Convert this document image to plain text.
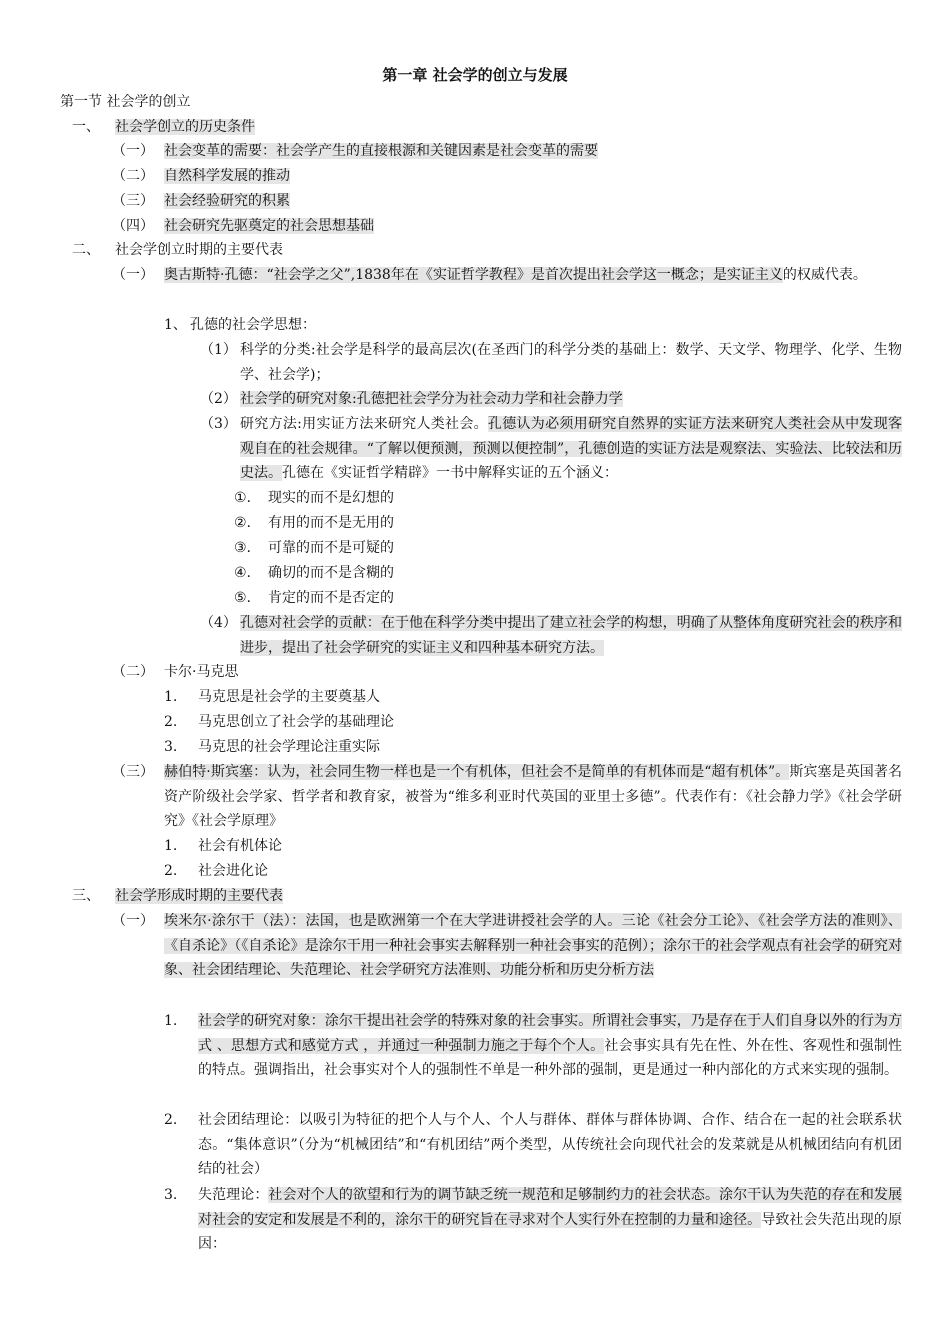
第一章 社会学的创立与发展
第一节 社会学的创立
一、	社会学创立的历史条件
（一） 社会变革的需要：社会学产生的直接根源和关键因素是社会变革的需要
（二） 自然科学发展的推动
（三） 社会经验研究的积累
（四） 社会研究先驱奠定的社会思想基础
二、	社会学创立时期的主要代表
（一） 奥古斯特·孔德：“社会学之父”,1838年在《实证哲学教程》是首次提出社会学这一概念；是实证主义的权威代表。
1、 孔德的社会学思想：
（1） 科学的分类:社会学是科学的最高层次(在圣西门的科学分类的基础上：数学、天文学、物理学、化学、生物学、社会学)；
（2） 社会学的研究对象:孔德把社会学分为社会动力学和社会静力学
（3） 研究方法:用实证方法来研究人类社会。孔德认为必须用研究自然界的实证方法来研究人类社会从中发现客观自在的社会规律。“了解以便预测，预测以便控制”，孔德创造的实证方法是观察法、实验法、比较法和历史法。孔德在《实证哲学精辟》一书中解释实证的五个涵义：
①.	现实的而不是幻想的
②.	有用的而不是无用的
③.	可靠的而不是可疑的
④.	确切的而不是含糊的
⑤.	肯定的而不是否定的
（4） 孔德对社会学的贡献：在于他在科学分类中提出了建立社会学的构想，明确了从整体角度研究社会的秩序和进步，提出了社会学研究的实证主义和四种基本研究方法。
（二） 卡尔·马克思
1.	马克思是社会学的主要奠基人
2.	马克思创立了社会学的基础理论
3.	马克思的社会学理论注重实际
（三） 赫伯特·斯宾塞：认为，社会同生物一样也是一个有机体，但社会不是简单的有机体而是“超有机体”。斯宾塞是英国著名资产阶级社会学家、哲学者和教育家，被誉为“维多利亚时代英国的亚里士多德”。代表作有：《社会静力学》《社会学研究》《社会学原理》
1.	社会有机体论
2.	社会进化论
三、	社会学形成时期的主要代表
（一） 埃米尔·涂尔干（法）：法国，也是欧洲第一个在大学进讲授社会学的人。三论《社会分工论》、《社会学方法的准则》、《自杀论》（《自杀论》是涂尔干用一种社会事实去解释别一种社会事实的范例）；涂尔干的社会学观点有社会学的研究对象、社会团结理论、失范理论、社会学研究方法准则、功能分析和历史分析方法
1.	社会学的研究对象：涂尔干提出社会学的特殊对象的社会事实。所谓社会事实，乃是存在于人们自身以外的行为方式 、思想方式和感觉方式 ，并通过一种强制力施之于每个个人。社会事实具有先在性、外在性、客观性和强制性的特点。强调指出，社会事实对个人的强制性不单是一种外部的强制，更是通过一种内部化的方式来实现的强制。
2.	社会团结理论：以吸引为特征的把个人与个人、个人与群体、群体与群体协调、合作、结合在一起的社会联系状态。“集体意识”（分为“机械团结”和“有机团结”两个类型，从传统社会向现代社会的发菜就是从机械团结向有机团结的社会）
3.	失范理论：社会对个人的欲望和行为的调节缺乏统一规范和足够制约力的社会状态。涂尔干认为失范的存在和发展对社会的安定和发展是不利的，涂尔干的研究旨在寻求对个人实行外在控制的力量和途径。导致社会失范出现的原因：
